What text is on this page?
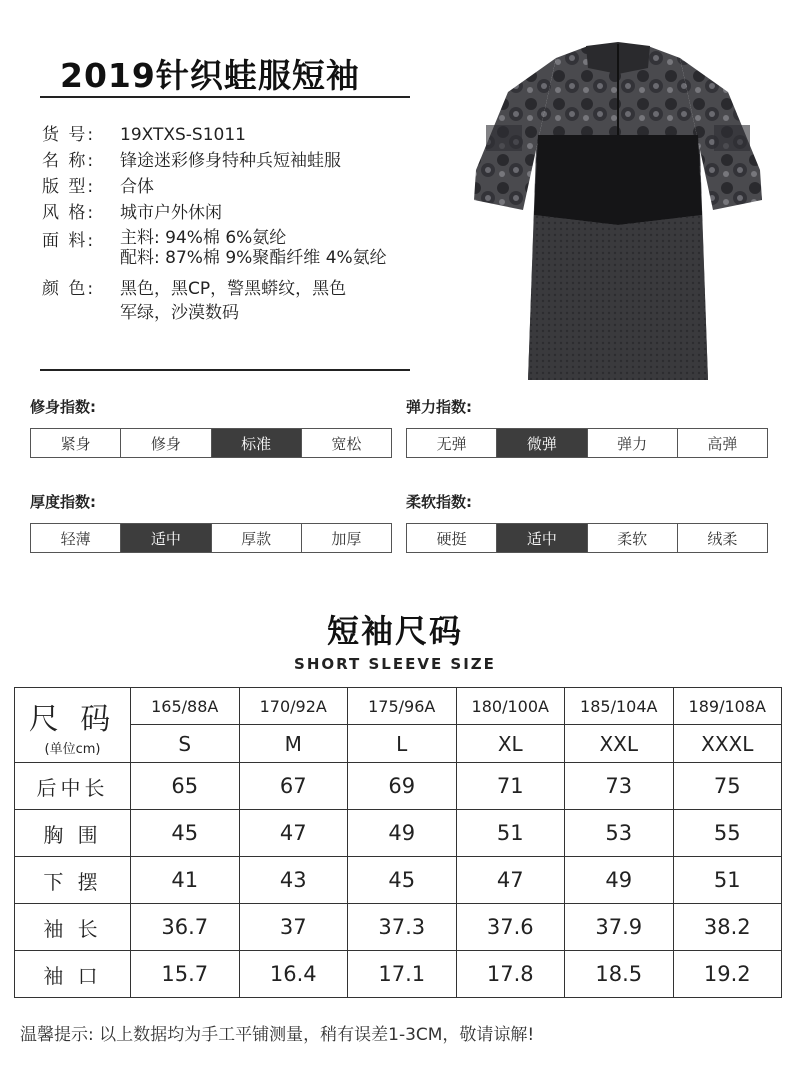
2019针织蛙服短袖
货 号:	19XTXS-S1011
名 称:	锋途迷彩修身特种兵短袖蛙服
版 型:	合体
风 格:	城市户外休闲
面 料:	主料: 94%棉 6%氨纶
配料: 87%棉 9%聚酯纤维 4%氨纶
颜 色:	黑色，黑CP，警黑蟒纹，黑色
军绿，沙漠数码
修身指数:
紧身	修身	标准	宽松
弹力指数:
无弹	微弹	弹力	高弹
厚度指数:
轻薄	适中	厚款	加厚
柔软指数:
硬挺	适中	柔软	绒柔
短袖尺码
SHORT SLEEVE SIZE
尺 码
(单位cm)	165/88A	170/92A	175/96A	180/100A	185/104A	189/108A
	S	M	L	XL	XXL	XXXL
后中长	65	67	69	71	73	75
胸 围	45	47	49	51	53	55
下 摆	41	43	45	47	49	51
袖 长	36.7	37	37.3	37.6	37.9	38.2
袖 口	15.7	16.4	17.1	17.8	18.5	19.2
温馨提示: 以上数据均为手工平铺测量，稍有误差1-3CM，敬请谅解!
